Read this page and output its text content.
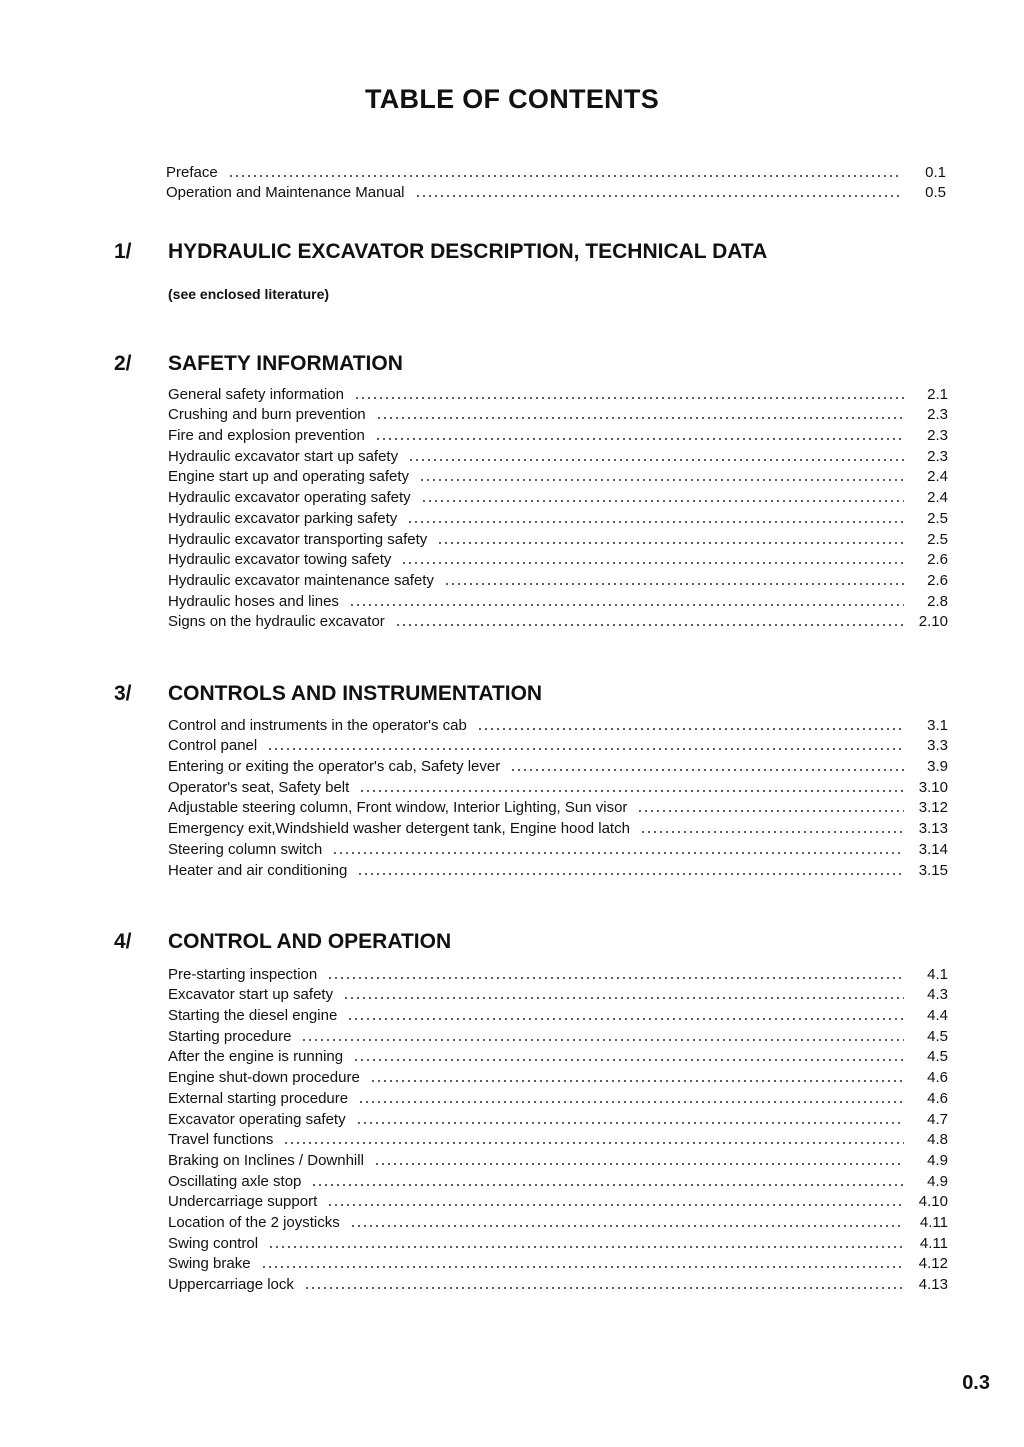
TABLE OF CONTENTS
Preface	0.1
Operation and Maintenance Manual	0.5
1/ HYDRAULIC EXCAVATOR DESCRIPTION, TECHNICAL DATA
(see enclosed literature)
2/ SAFETY INFORMATION
General safety information	2.1
Crushing and burn prevention	2.3
Fire and explosion prevention	2.3
Hydraulic excavator start up safety	2.3
Engine start up and operating safety	2.4
Hydraulic excavator operating safety	2.4
Hydraulic excavator parking safety	2.5
Hydraulic excavator transporting safety	2.5
Hydraulic excavator towing safety	2.6
Hydraulic excavator maintenance safety	2.6
Hydraulic hoses and lines	2.8
Signs on the hydraulic excavator	2.10
3/ CONTROLS AND INSTRUMENTATION
Control and instruments in the operator's cab	3.1
Control panel	3.3
Entering or exiting the operator's cab, Safety lever	3.9
Operator's seat, Safety belt	3.10
Adjustable steering column, Front window, Interior Lighting, Sun visor	3.12
Emergency exit,Windshield washer detergent tank, Engine hood latch	3.13
Steering column switch	3.14
Heater and air conditioning	3.15
4/ CONTROL AND OPERATION
Pre-starting inspection	4.1
Excavator start up safety	4.3
Starting the diesel engine	4.4
Starting procedure	4.5
After the engine is running	4.5
Engine shut-down procedure	4.6
External starting procedure	4.6
Excavator operating safety	4.7
Travel functions	4.8
Braking on Inclines / Downhill	4.9
Oscillating axle stop	4.9
Undercarriage support	4.10
Location of the 2 joysticks	4.11
Swing control	4.11
Swing brake	4.12
Uppercarriage lock	4.13
0.3
